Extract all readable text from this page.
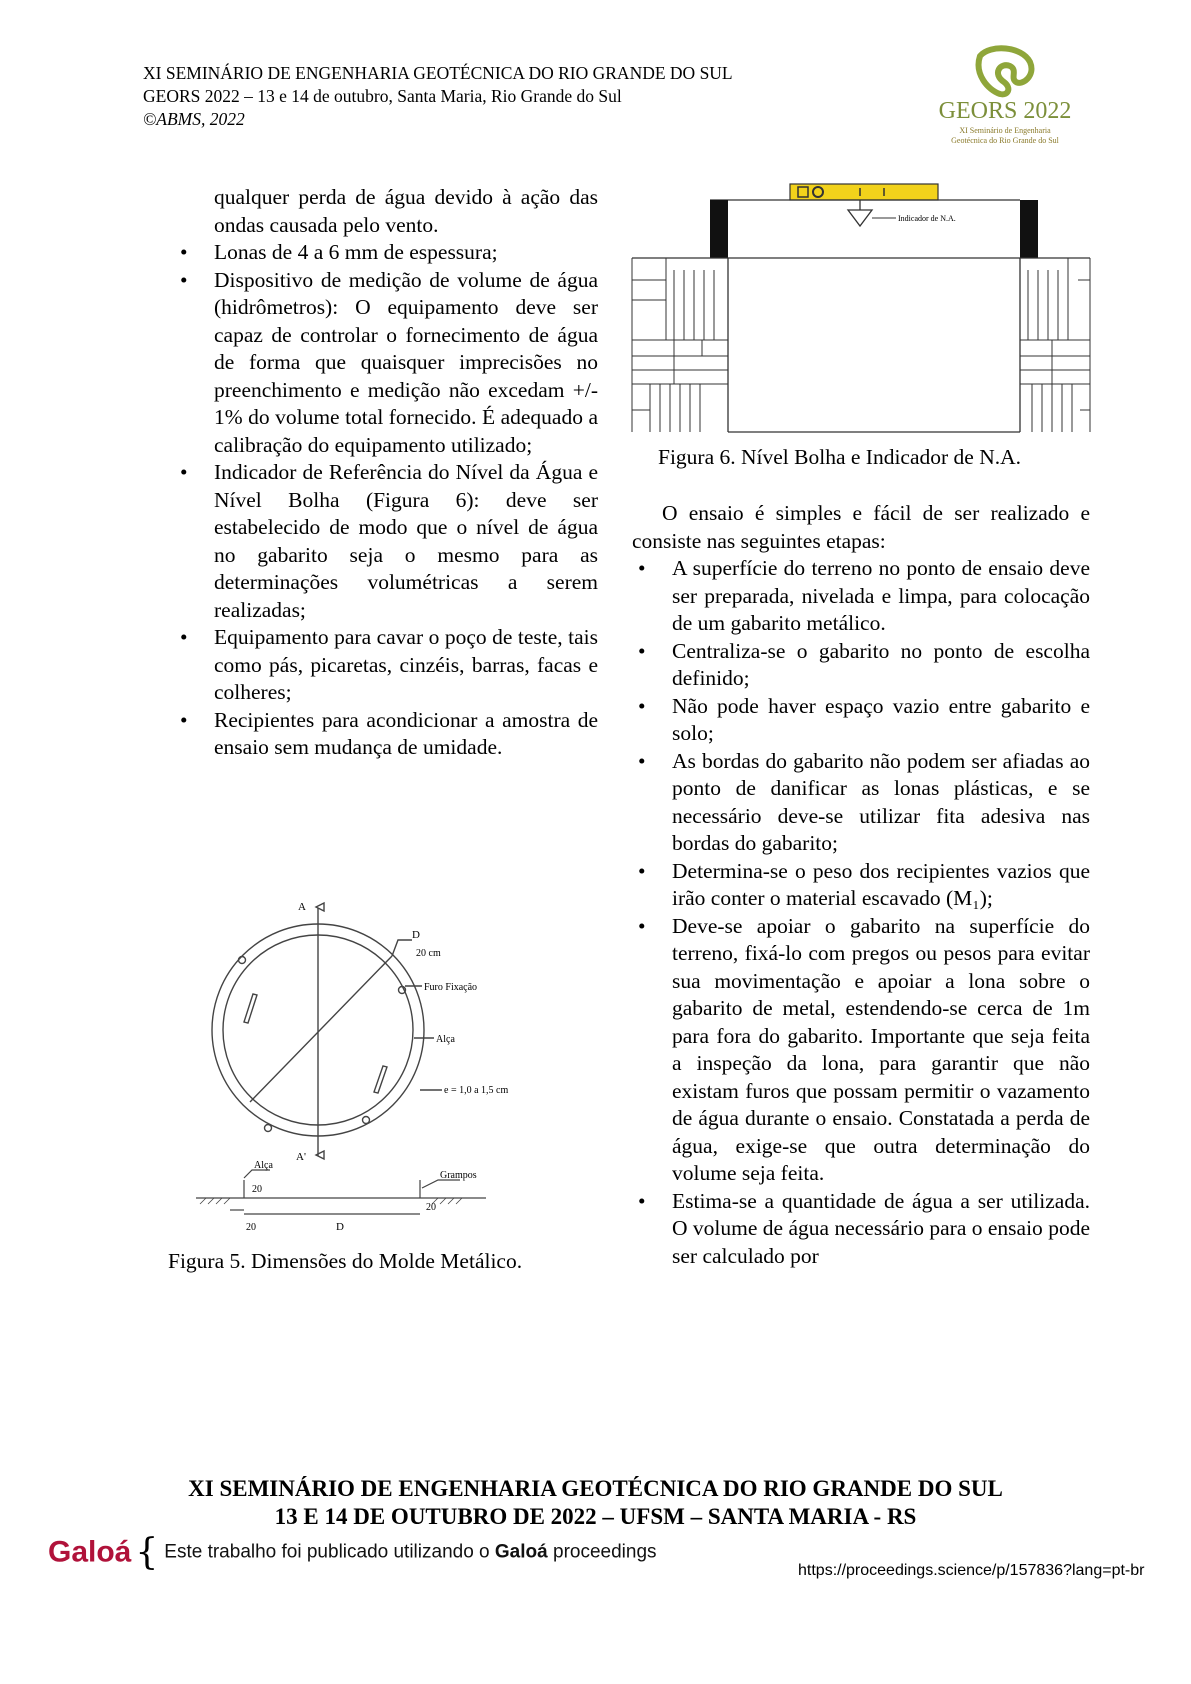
XI SEMINÁRIO DE ENGENHARIA GEOTÉCNICA DO RIO GRANDE DO SUL
GEORS 2022 – 13 e 14 de outubro, Santa Maria, Rio Grande do Sul
©ABMS, 2022	GEORS 2022
XI Seminário de Engenharia
Geotécnica do Rio Grande do Sul

qualquer perda de água devido à ação das ondas causada pelo vento.

• Lonas de 4 a 6 mm de espessura;
• Dispositivo de medição de volume de água (hidrômetros): O equipamento deve ser capaz de controlar o fornecimento de água de forma que quaisquer imprecisões no preenchimento e medição não excedam +/- 1% do volume total fornecido. É adequado a calibração do equipamento utilizado;
• Indicador de Referência do Nível da Água e Nível Bolha (Figura 6): deve ser estabelecido de modo que o nível de água no gabarito seja o mesmo para as determinações volumétricas a serem realizadas;
• Equipamento para cavar o poço de teste, tais como pás, picaretas, cinzéis, barras, facas e colheres;
• Recipientes para acondicionar a amostra de ensaio sem mudança de umidade.
A
A'
D
20 cm
Furo Fixação
Alça
e = 1,0 a 1,5 cm
Alça
Grampos
20
20
20	D
Figura 5. Dimensões do Molde Metálico.
Indicador de N.A.
Figura 6. Nível Bolha e Indicador de N.A.

O ensaio é simples e fácil de ser realizado e consiste nas seguintes etapas:

• A superfície do terreno no ponto de ensaio deve ser preparada, nivelada e limpa, para colocação de um gabarito metálico.
• Centraliza-se o gabarito no ponto de escolha definido;
• Não pode haver espaço vazio entre gabarito e solo;
• As bordas do gabarito não podem ser afiadas ao ponto de danificar as lonas plásticas, e se necessário deve-se utilizar fita adesiva nas bordas do gabarito;
• Determina-se o peso dos recipientes vazios que irão conter o material escavado (M₁);
• Deve-se apoiar o gabarito na superfície do terreno, fixá-lo com pregos ou pesos para evitar sua movimentação e apoiar a lona sobre o gabarito de metal, estendendo-se cerca de 1m para fora do gabarito. Importante que seja feita a inspeção da lona, para garantir que não existam furos que possam permitir o vazamento de água durante o ensaio. Constatada a perda de água, exige-se que outra determinação do volume seja feita.
• Estima-se a quantidade de água a ser utilizada. O volume de água necessário para o ensaio pode ser calculado por
XI SEMINÁRIO DE ENGENHARIA GEOTÉCNICA DO RIO GRANDE DO SUL
13 E 14 DE OUTUBRO DE 2022 – UFSM – SANTA MARIA - RS
Galoá { Este trabalho foi publicado utilizando o Galoá proceedings
https://proceedings.science/p/157836?lang=pt-br
